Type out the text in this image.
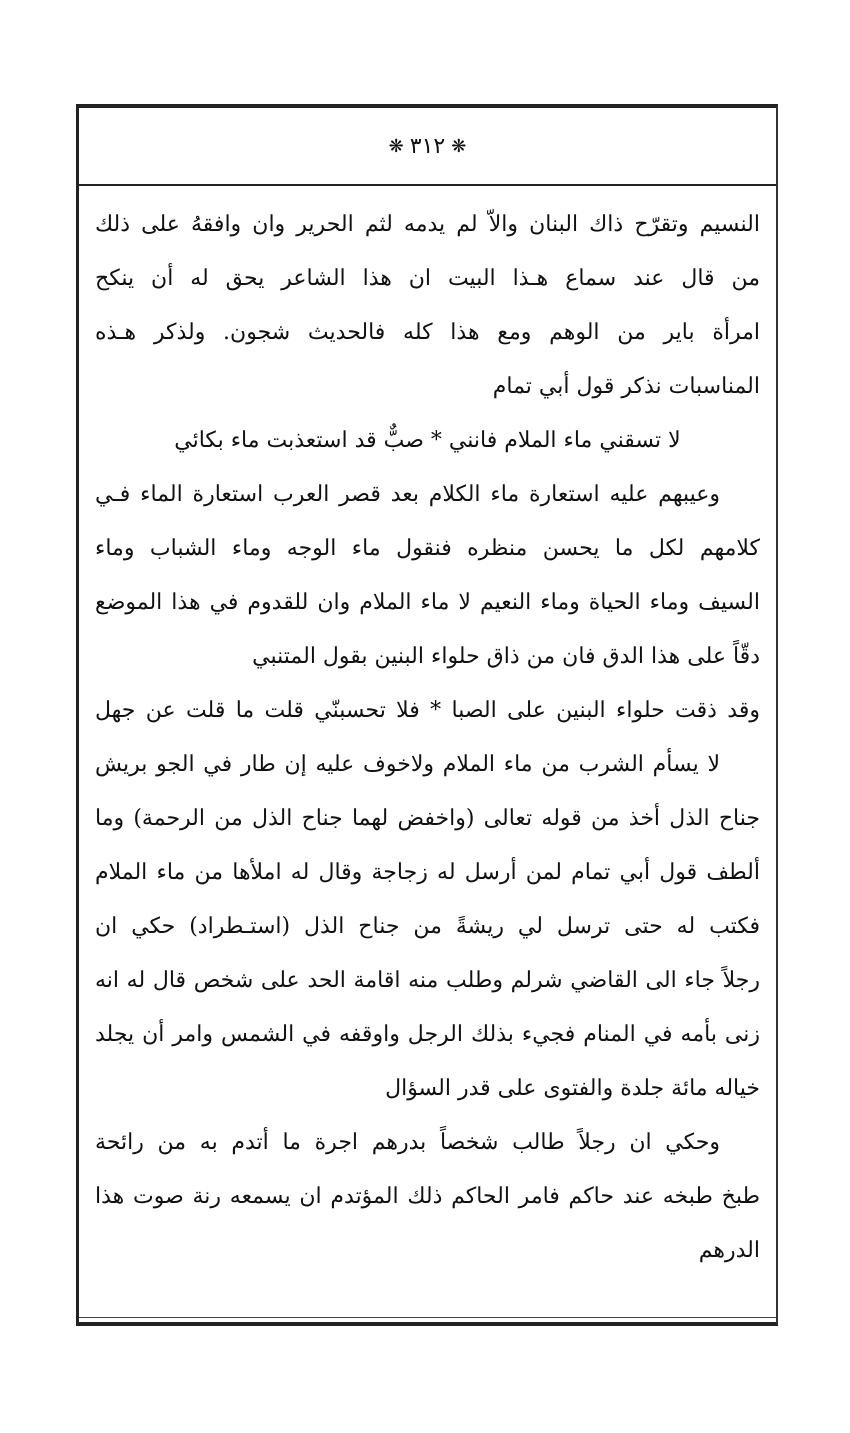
❋
٣١٢
❋
النسيم وتقرّح ذاك البنان والاّ لم يدمه لثم الحرير وان وافقهُ على ذلك
من قال عند سماع هـذا البيت ان هذا الشاعر يحق له أن ينكح
امرأة باير من الوهم ومع هذا كله فالحديث شجون. ولذكر هـذه
المناسبات نذكر قول أبي تمام
لا تسقني ماء الملام فانني * صبٌّ قد استعذبت ماء بكائي
وعيبهم عليه استعارة ماء الكلام بعد قصر العرب استعارة الماء فـي
كلامهم لكل ما يحسن منظره فنقول ماء الوجه وماء الشباب وماء
السيف وماء الحياة وماء النعيم لا ماء الملام وان للقدوم في هذا الموضع
دقّاً على هذا الدق فان من ذاق حلواء البنين بقول المتنبي
وقد ذقت حلواء البنين على الصبا * فلا تحسبنّي قلت ما قلت عن جهل
لا يسأم الشرب من ماء الملام ولاخوف عليه إن طار في الجو بريش
جناح الذل أخذ من قوله تعالى (واخفض لهما جناح الذل من الرحمة) وما
ألطف قول أبي تمام لمن أرسل له زجاجة وقال له املأها من ماء الملام
فكتب له حتى ترسل لي ريشةً من جناح الذل (استـطراد) حكي ان
رجلاً جاء الى القاضي شرلم وطلب منه اقامة الحد على شخص قال له انه
زنى بأمه في المنام فجيء بذلك الرجل واوقفه في الشمس وامر أن يجلد
خياله مائة جلدة والفتوى على قدر السؤال
وحكي ان رجلاً طالب شخصاً بدرهم اجرة ما أتدم به من رائحة
طبخ طبخه عند حاكم فامر الحاكم ذلك المؤتدم ان يسمعه رنة صوت هذا
الدرهم
